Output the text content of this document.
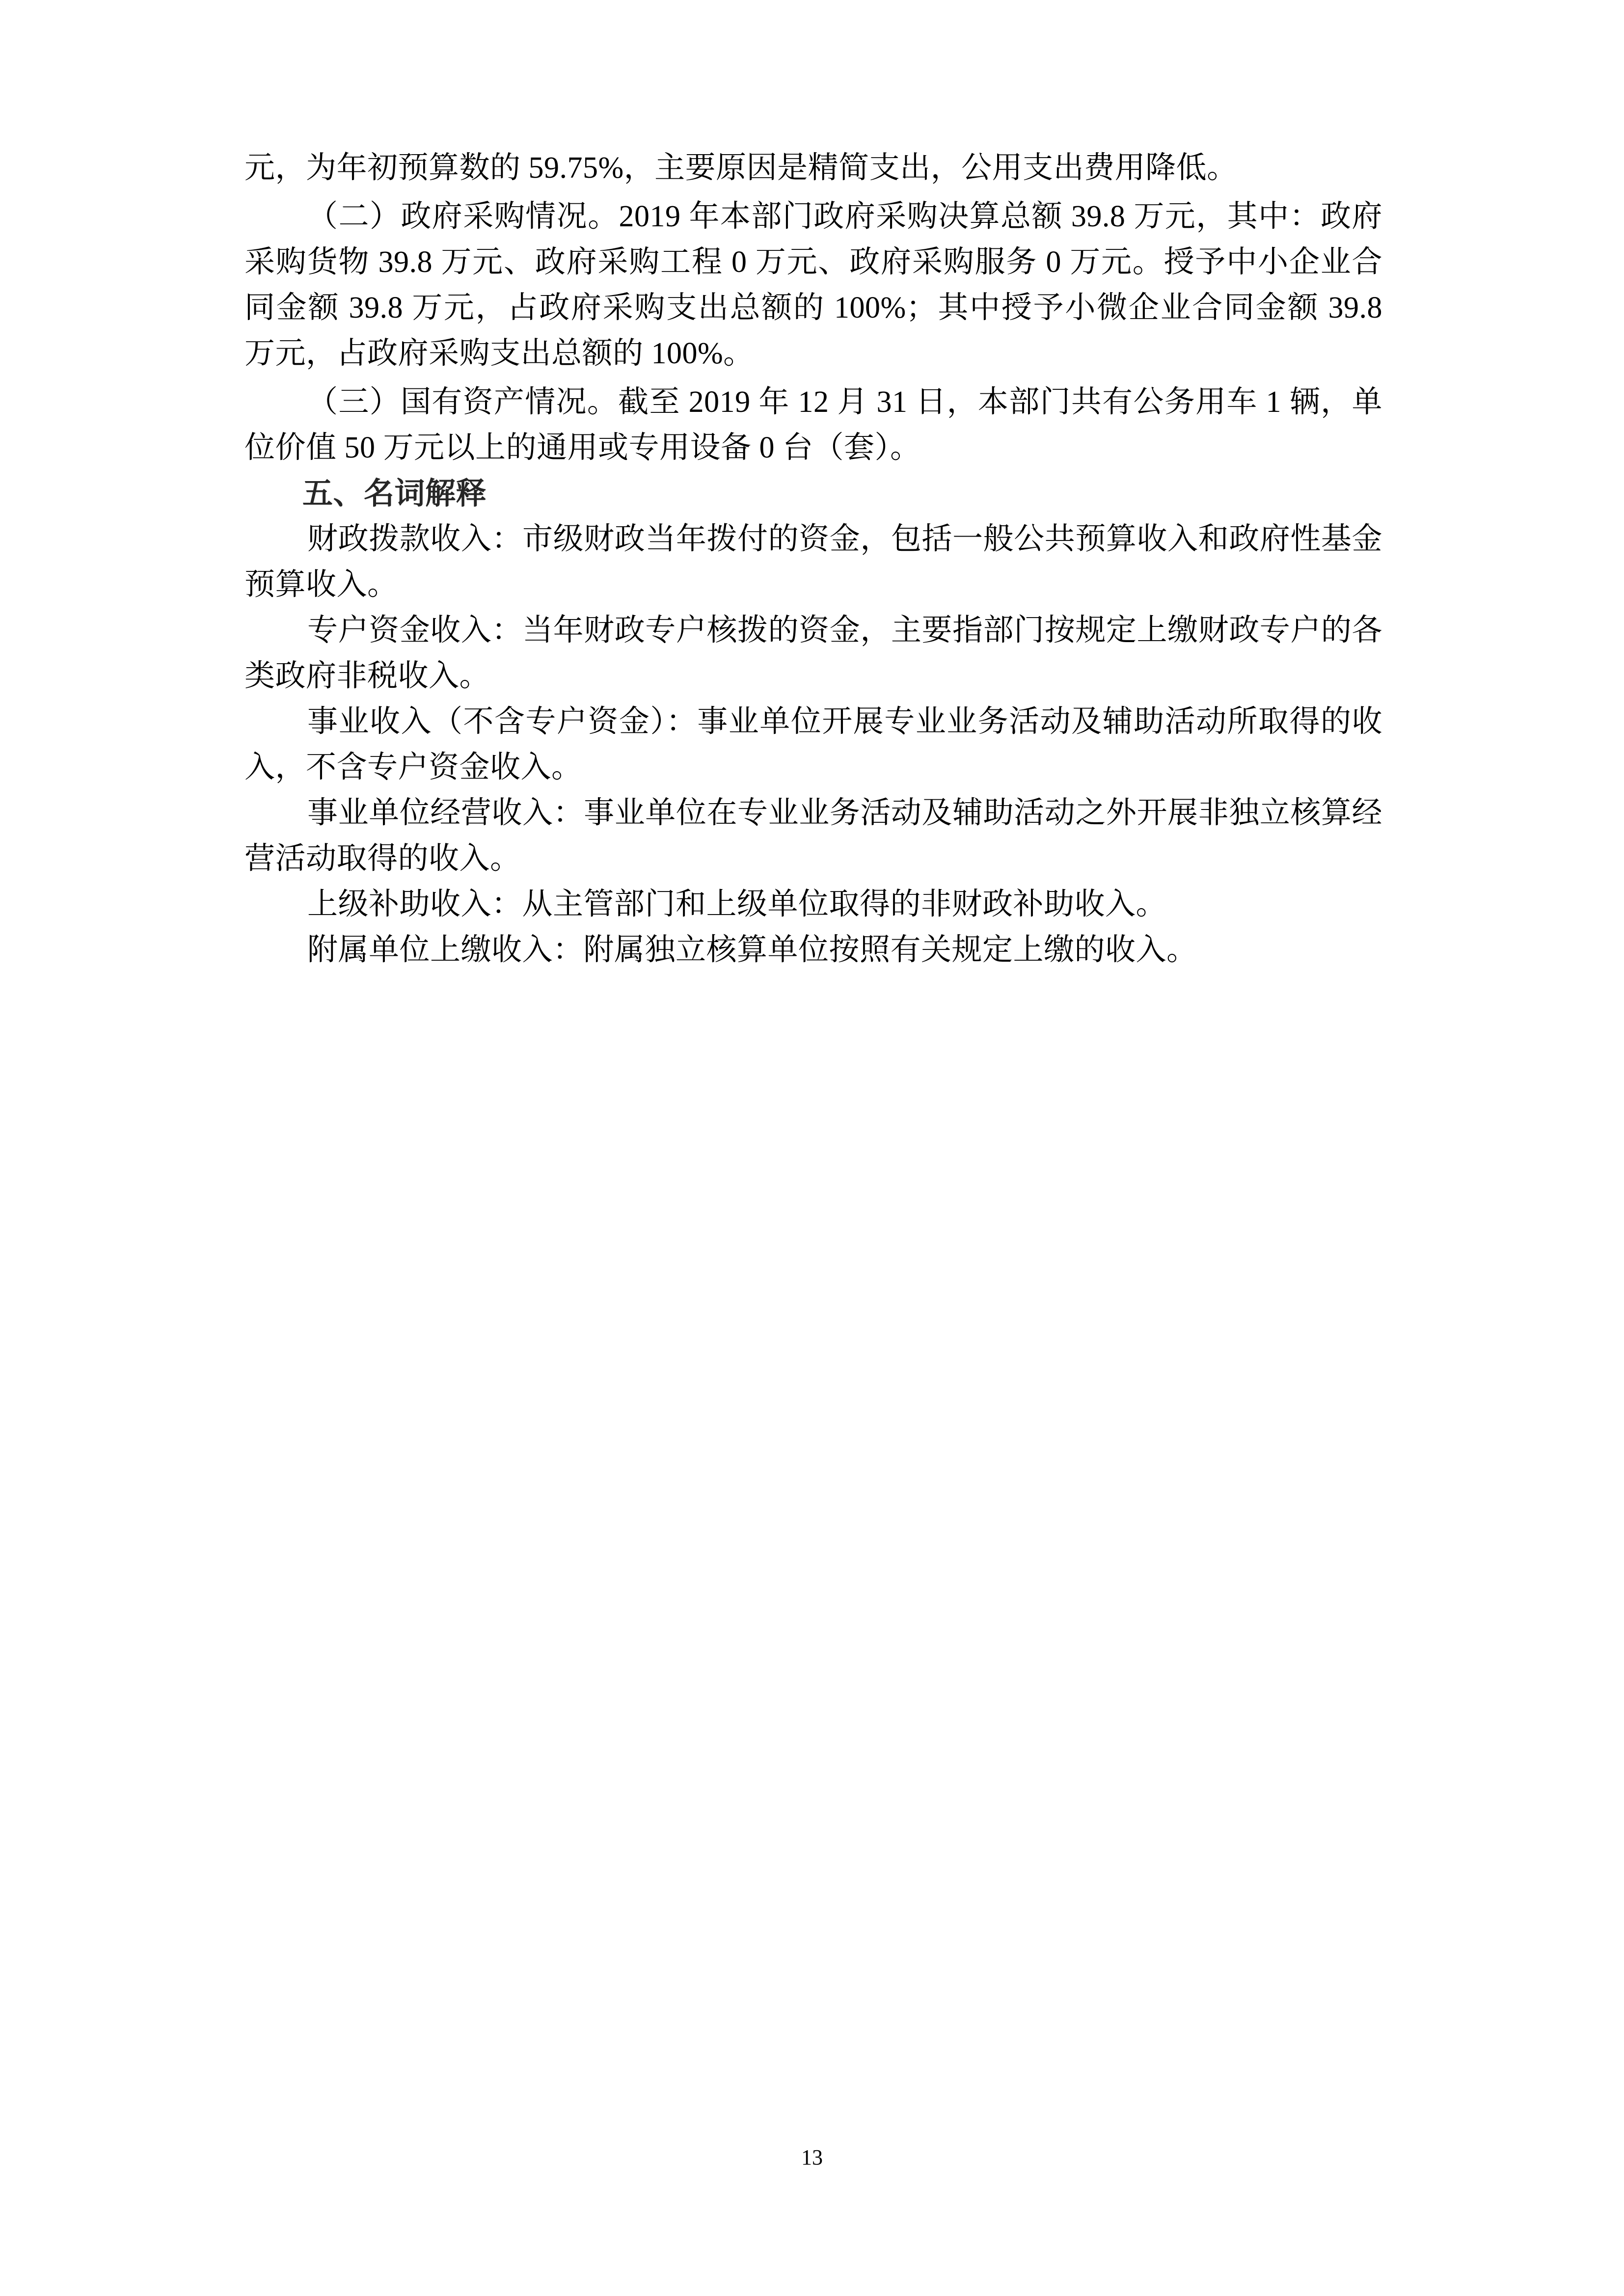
元，为年初预算数的 59.75%，主要原因是精简支出，公用支出费用降低。

（二）政府采购情况。2019 年本部门政府采购决算总额 39.8 万元，其中：政府采购货物 39.8 万元、政府采购工程 0 万元、政府采购服务 0 万元。授予中小企业合同金额 39.8 万元，占政府采购支出总额的 100%；其中授予小微企业合同金额 39.8 万元，占政府采购支出总额的 100%。

（三）国有资产情况。截至 2019 年 12 月 31 日，本部门共有公务用车 1 辆，单位价值 50 万元以上的通用或专用设备 0 台（套）。

五、名词解释

财政拨款收入：市级财政当年拨付的资金，包括一般公共预算收入和政府性基金预算收入。

专户资金收入：当年财政专户核拨的资金，主要指部门按规定上缴财政专户的各类政府非税收入。

事业收入（不含专户资金）：事业单位开展专业业务活动及辅助活动所取得的收入，不含专户资金收入。

事业单位经营收入：事业单位在专业业务活动及辅助活动之外开展非独立核算经营活动取得的收入。

上级补助收入：从主管部门和上级单位取得的非财政补助收入。

附属单位上缴收入：附属独立核算单位按照有关规定上缴的收入。

13
